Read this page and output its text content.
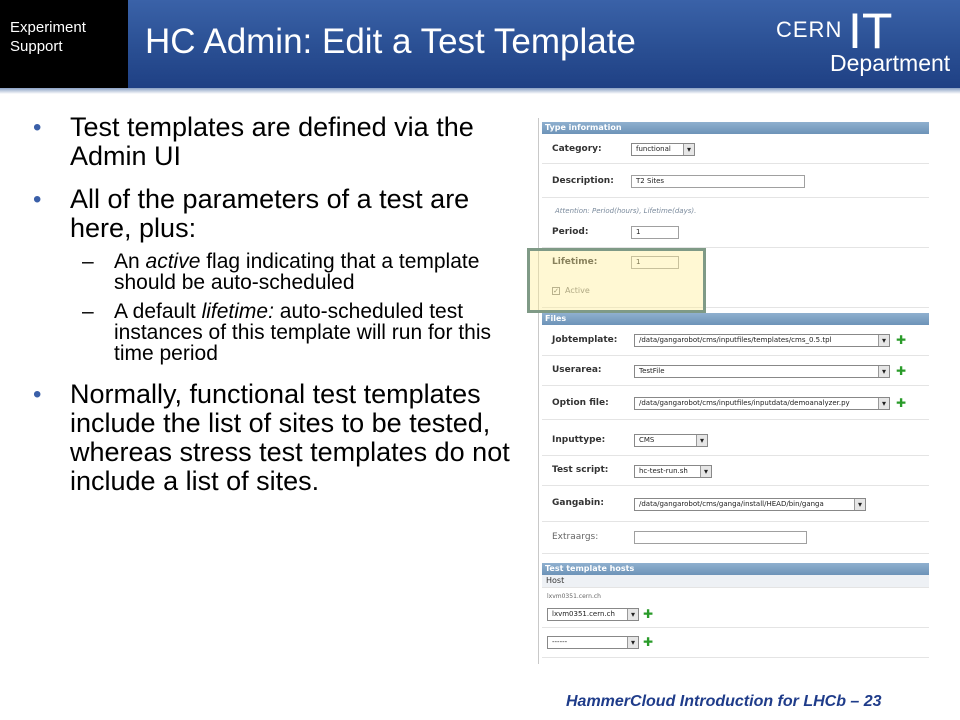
Experiment
Support	HC Admin: Edit a Test Template	CERN IT
Department
• Test templates are defined via the Admin UI
• All of the parameters of a test are here, plus:
– An active flag indicating that a template should be auto-scheduled
– A default lifetime: auto-scheduled test instances of this template will run for this time period
• Normally, functional test templates include the list of sites to be tested, whereas stress test templates do not include a list of sites.
Type information
Category:	functional ▾
Description:	T2 Sites
Attention: Period(hours), Lifetime(days).
Period:	1
Lifetime:	1
✓ Active
Files
Jobtemplate:	/data/gangarobot/cms/inputfiles/templates/cms_0.5.tpl ▾	✚
Userarea:	TestFile ▾	✚
Option file:	/data/gangarobot/cms/inputfiles/inputdata/demoanalyzer.py ▾	✚
Inputtype:	CMS ▾
Test script:	hc-test-run.sh ▾
Gangabin:	/data/gangarobot/cms/ganga/install/HEAD/bin/ganga ▾
Extraargs:
Test template hosts
Host
lxvm0351.cern.ch
lxvm0351.cern.ch ▾	✚
------ ▾	✚
HammerCloud Introduction for LHCb – 23
